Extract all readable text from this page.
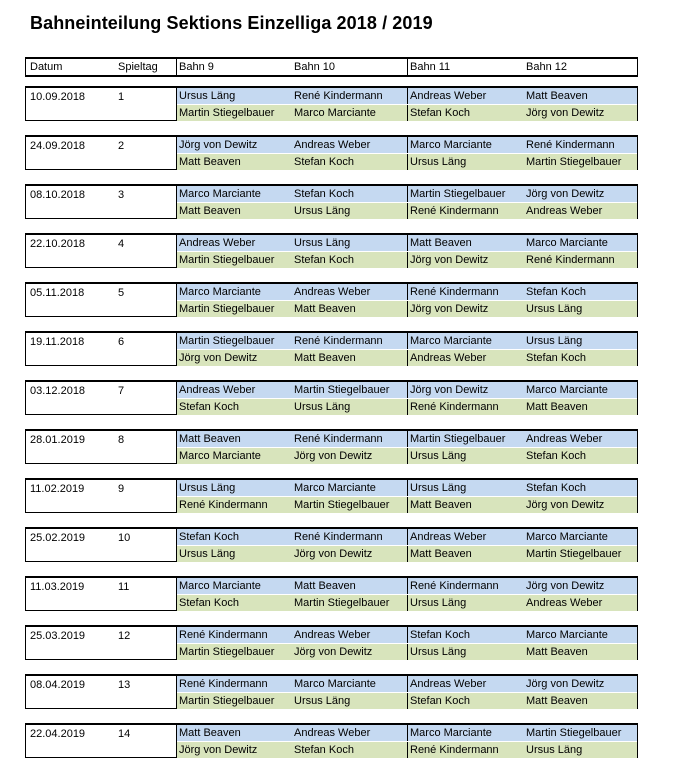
Bahneinteilung Sektions Einzelliga 2018 / 2019
Datum	Spieltag	Bahn 9	Bahn 10	Bahn 11	Bahn 12
10.09.2018	1	Ursus Läng	René Kindermann	Andreas Weber	Matt Beaven
Martin Stiegelbauer	Marco Marciante	Stefan Koch	Jörg von Dewitz
24.09.2018	2	Jörg von Dewitz	Andreas Weber	Marco Marciante	René Kindermann
Matt Beaven	Stefan Koch	Ursus Läng	Martin Stiegelbauer
08.10.2018	3	Marco Marciante	Stefan Koch	Martin Stiegelbauer	Jörg von Dewitz
Matt Beaven	Ursus Läng	René Kindermann	Andreas Weber
22.10.2018	4	Andreas Weber	Ursus Läng	Matt Beaven	Marco Marciante
Martin Stiegelbauer	Stefan Koch	Jörg von Dewitz	René Kindermann
05.11.2018	5	Marco Marciante	Andreas Weber	René Kindermann	Stefan Koch
Martin Stiegelbauer	Matt Beaven	Jörg von Dewitz	Ursus Läng
19.11.2018	6	Martin Stiegelbauer	René Kindermann	Marco Marciante	Ursus Läng
Jörg von Dewitz	Matt Beaven	Andreas Weber	Stefan Koch
03.12.2018	7	Andreas Weber	Martin Stiegelbauer	Jörg von Dewitz	Marco Marciante
Stefan Koch	Ursus Läng	René Kindermann	Matt Beaven
28.01.2019	8	Matt Beaven	René Kindermann	Martin Stiegelbauer	Andreas Weber
Marco Marciante	Jörg von Dewitz	Ursus Läng	Stefan Koch
11.02.2019	9	Ursus Läng	Marco Marciante	Ursus Läng	Stefan Koch
René Kindermann	Martin Stiegelbauer	Matt Beaven	Jörg von Dewitz
25.02.2019	10	Stefan Koch	René Kindermann	Andreas Weber	Marco Marciante
Ursus Läng	Jörg von Dewitz	Matt Beaven	Martin Stiegelbauer
11.03.2019	11	Marco Marciante	Matt Beaven	René Kindermann	Jörg von Dewitz
Stefan Koch	Martin Stiegelbauer	Ursus Läng	Andreas Weber
25.03.2019	12	René Kindermann	Andreas Weber	Stefan Koch	Marco Marciante
Martin Stiegelbauer	Jörg von Dewitz	Ursus Läng	Matt Beaven
08.04.2019	13	René Kindermann	Marco Marciante	Andreas Weber	Jörg von Dewitz
Martin Stiegelbauer	Ursus Läng	Stefan Koch	Matt Beaven
22.04.2019	14	Matt Beaven	Andreas Weber	Marco Marciante	Martin Stiegelbauer
Jörg von Dewitz	Stefan Koch	René Kindermann	Ursus Läng
